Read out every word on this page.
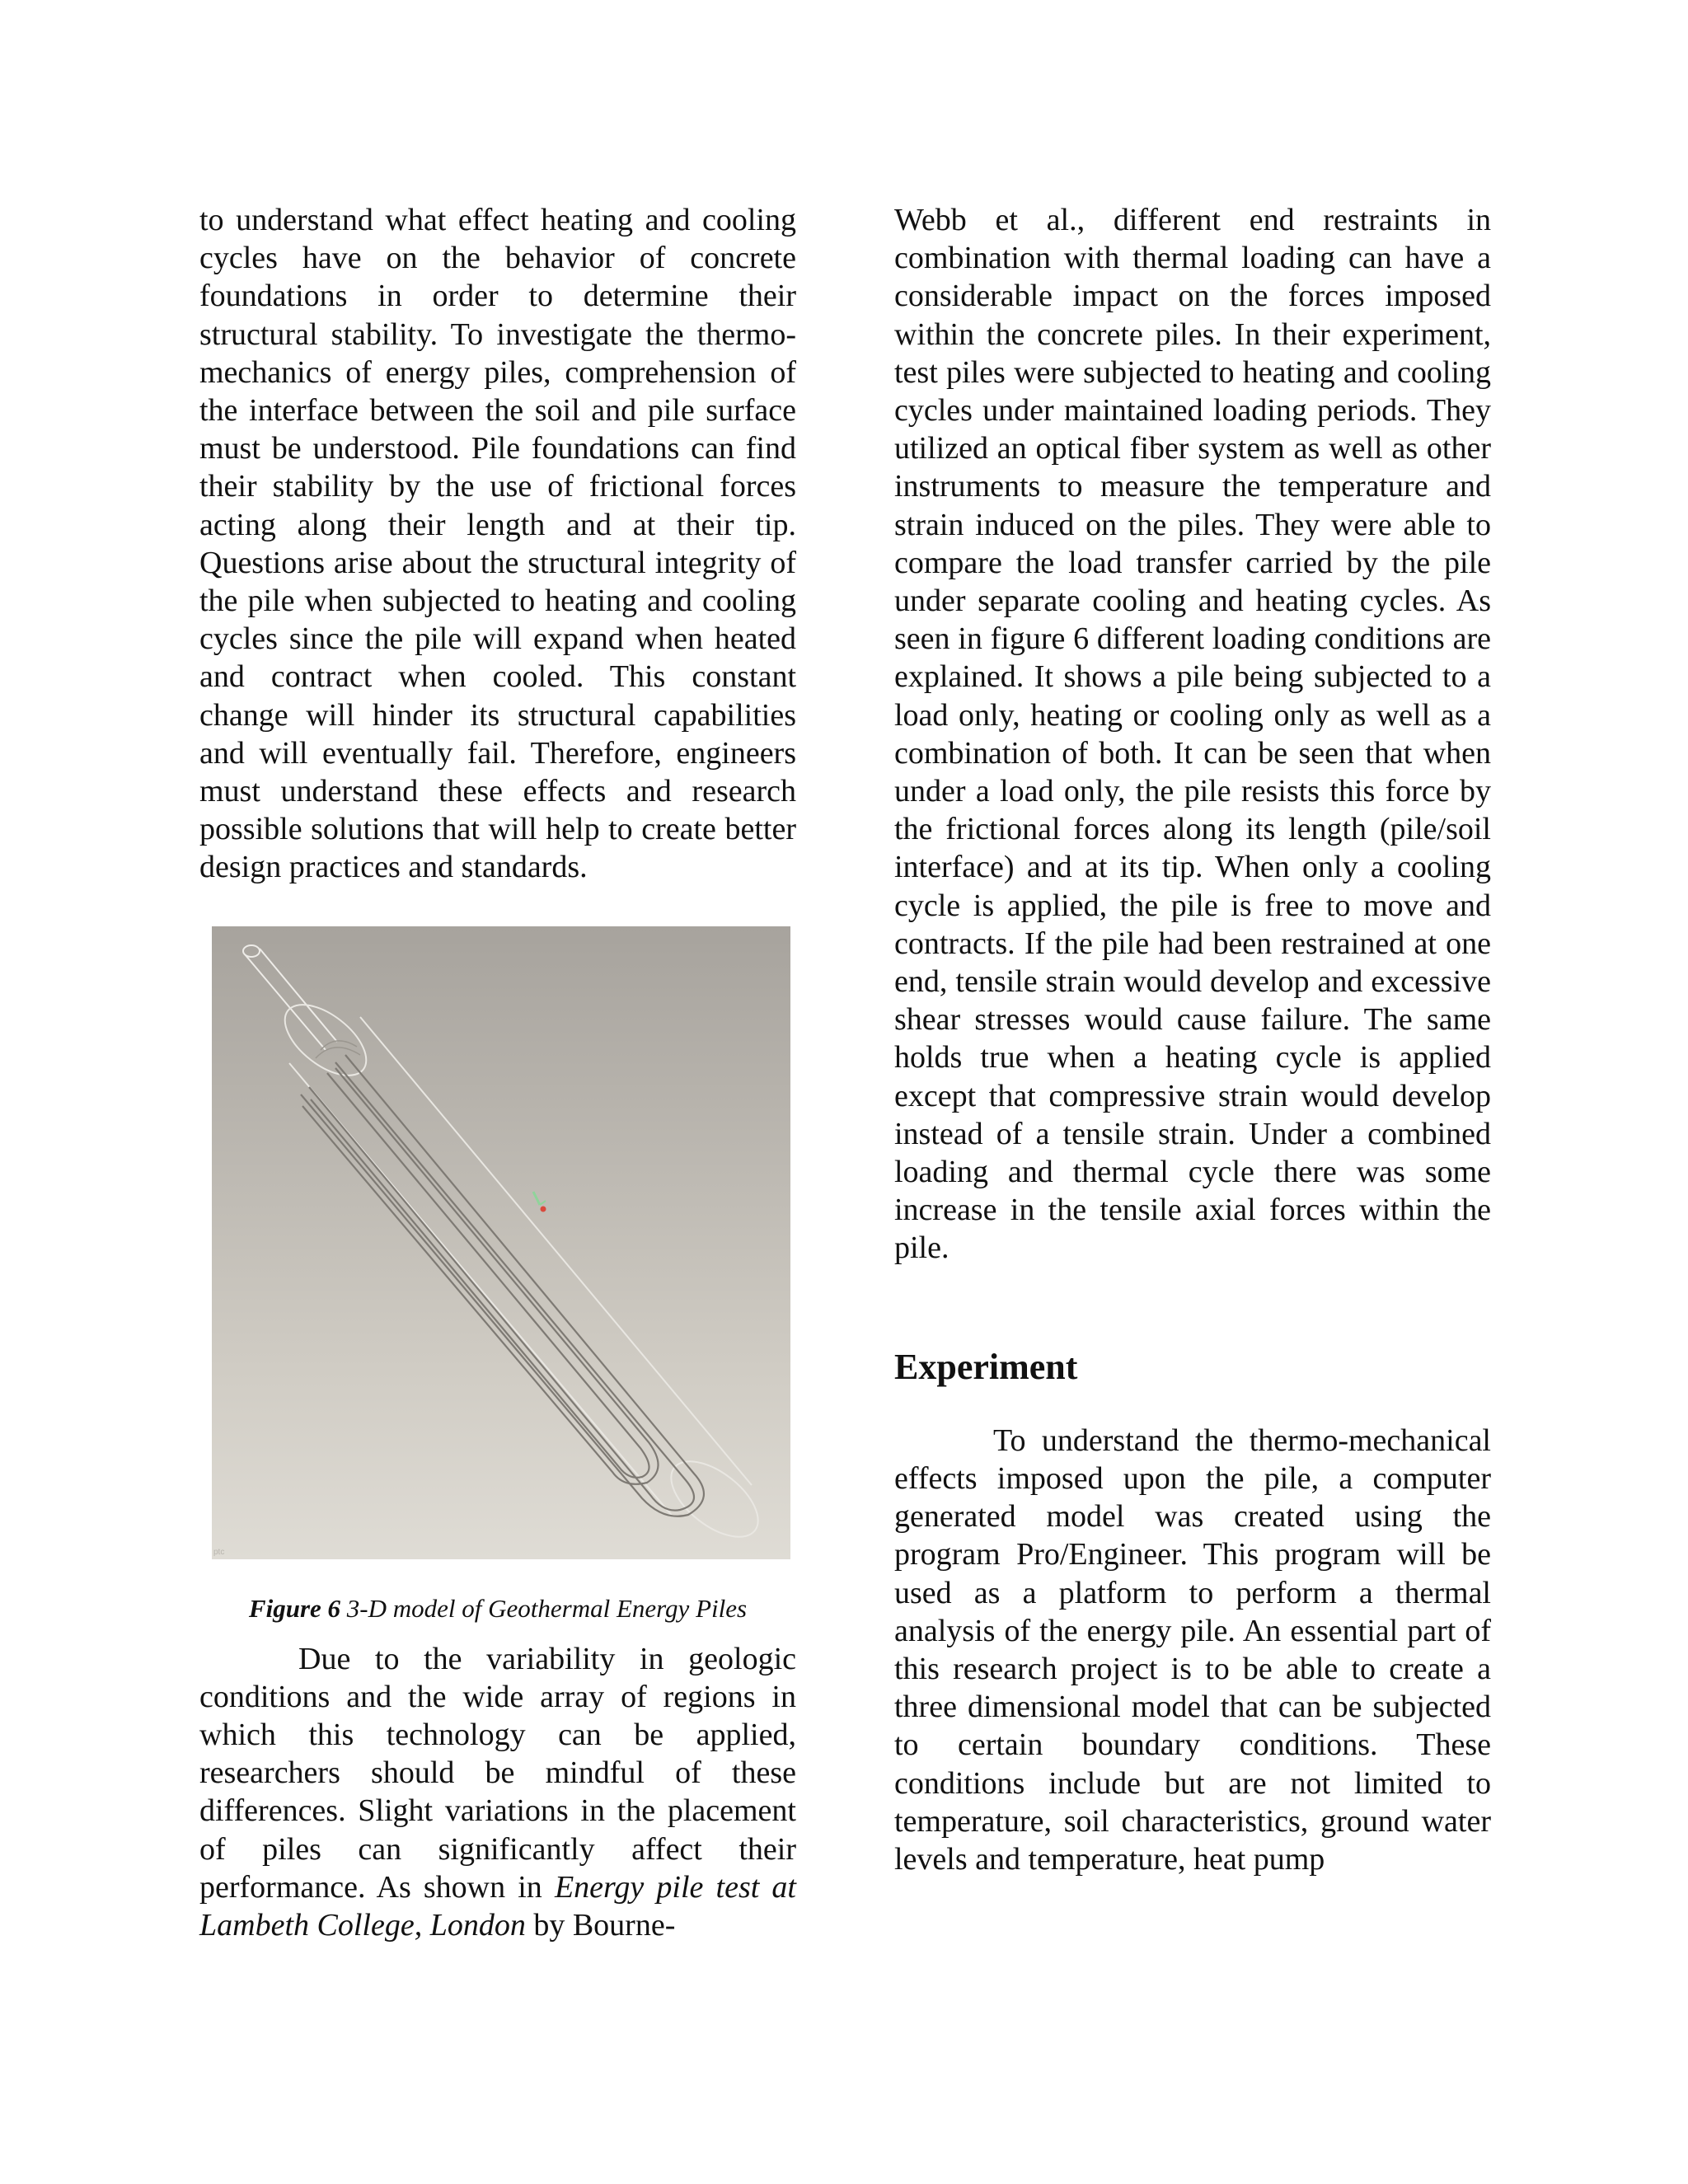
to understand what effect heating and cooling cycles have on the behavior of concrete foundations in order to determine their structural stability. To investigate the thermo-mechanics of energy piles, comprehension of the interface between the soil and pile surface must be understood. Pile foundations can find their stability by the use of frictional forces acting along their length and at their tip. Questions arise about the structural integrity of the pile when subjected to heating and cooling cycles since the pile will expand when heated and contract when cooled. This constant change will hinder its structural capabilities and will eventually fail. Therefore, engineers must understand these effects and research possible solutions that will help to create better design practices and standards.

ptc

Figure 6 3-D model of Geothermal Energy Piles

Due to the variability in geologic conditions and the wide array of regions in which this technology can be applied, researchers should be mindful of these differences. Slight variations in the placement of piles can significantly affect their performance. As shown in Energy pile test at Lambeth College, London by Bourne-

Webb et al., different end restraints in combination with thermal loading can have a considerable impact on the forces imposed within the concrete piles. In their experiment, test piles were subjected to heating and cooling cycles under maintained loading periods. They utilized an optical fiber system as well as other instruments to measure the temperature and strain induced on the piles. They were able to compare the load transfer carried by the pile under separate cooling and heating cycles. As seen in figure 6 different loading conditions are explained. It shows a pile being subjected to a load only, heating or cooling only as well as a combination of both. It can be seen that when under a load only, the pile resists this force by the frictional forces along its length (pile/soil interface) and at its tip. When only a cooling cycle is applied, the pile is free to move and contracts. If the pile had been restrained at one end, tensile strain would develop and excessive shear stresses would cause failure. The same holds true when a heating cycle is applied except that compressive strain would develop instead of a tensile strain. Under a combined loading and thermal cycle there was some increase in the tensile axial forces within the pile.

Experiment

To understand the thermo-mechanical effects imposed upon the pile, a computer generated model was created using the program Pro/Engineer. This program will be used as a platform to perform a thermal analysis of the energy pile. An essential part of this research project is to be able to create a three dimensional model that can be subjected to certain boundary conditions. These conditions include but are not limited to temperature, soil characteristics, ground water levels and temperature, heat pump
